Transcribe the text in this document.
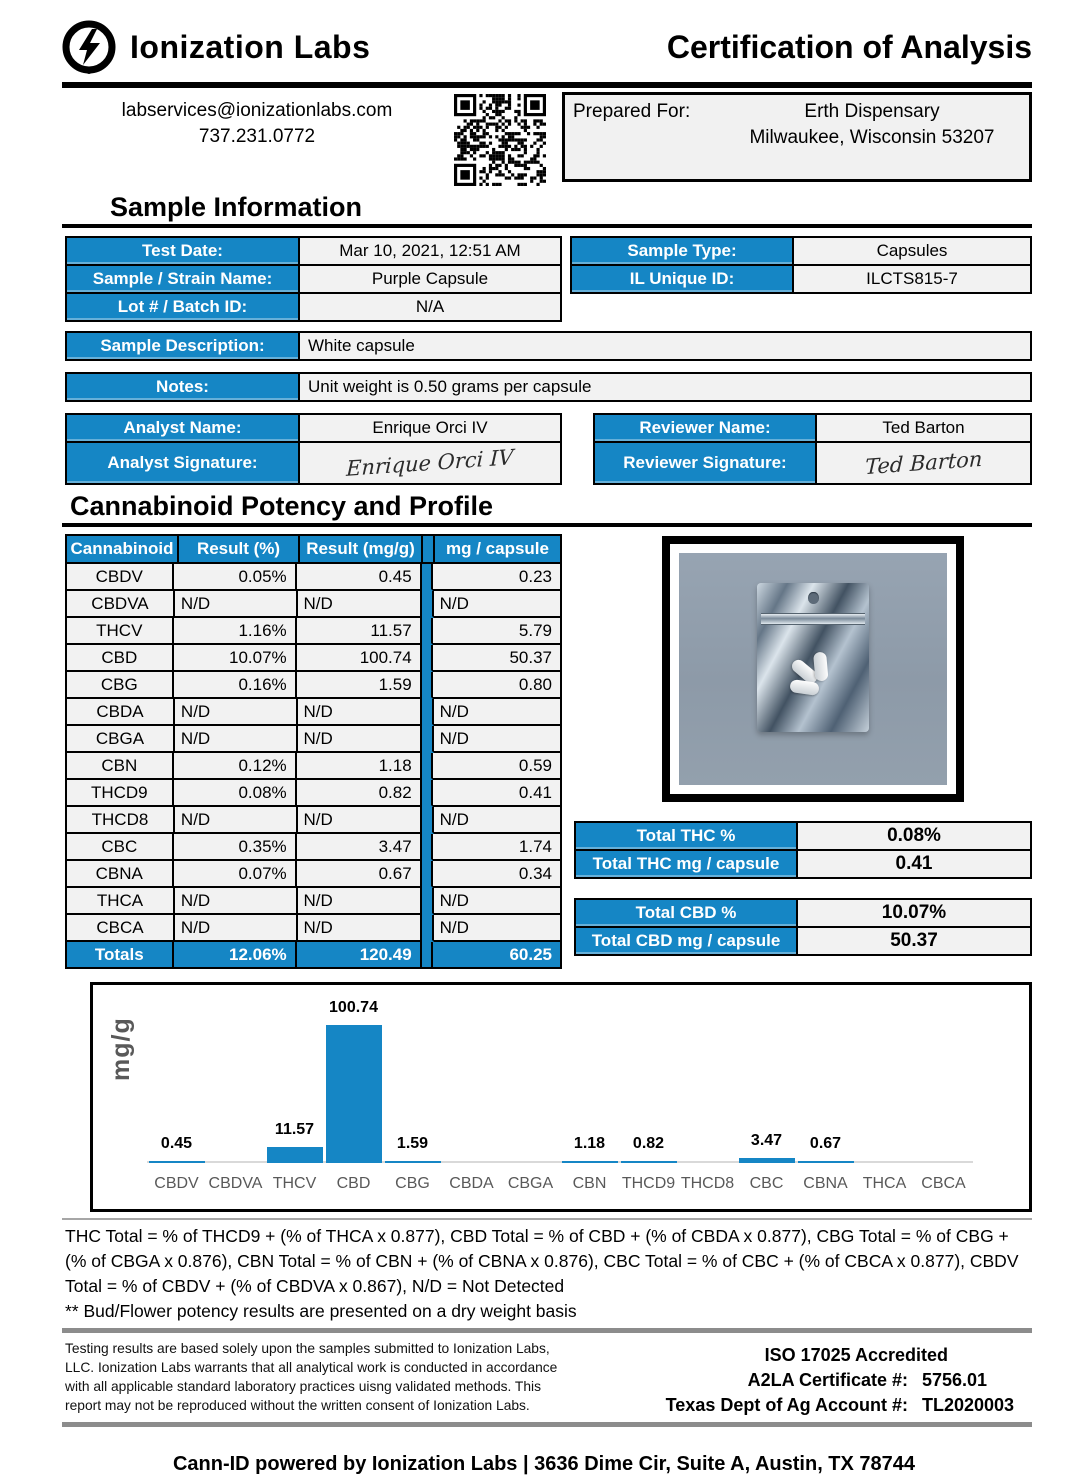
Ionization Labs	Certification of Analysis
labservices@ionizationlabs.com
737.231.0772
Prepared For:	Erth Dispensary
Milwaukee, Wisconsin 53207
Sample Information
Test Date:	Mar 10, 2021, 12:51 AM
Sample / Strain Name:	Purple Capsule
Lot # / Batch ID:	N/A
Sample Type:	Capsules
IL Unique ID:	ILCTS815-7
Sample Description:	White capsule
Notes:	Unit weight is 0.50 grams per capsule
Analyst Name:	Enrique Orci IV
Analyst Signature:	Enrique Orci IV
Reviewer Name:	Ted Barton
Reviewer Signature:	Ted Barton
Cannabinoid Potency and Profile
Cannabinoid	Result (%)	Result (mg/g)	mg / capsule
CBDV	0.05%	0.45	0.23
CBDVA	N/D	N/D	N/D
THCV	1.16%	11.57	5.79
CBD	10.07%	100.74	50.37
CBG	0.16%	1.59	0.80
CBDA	N/D	N/D	N/D
CBGA	N/D	N/D	N/D
CBN	0.12%	1.18	0.59
THCD9	0.08%	0.82	0.41
THCD8	N/D	N/D	N/D
CBC	0.35%	3.47	1.74
CBNA	0.07%	0.67	0.34
THCA	N/D	N/D	N/D
CBCA	N/D	N/D	N/D
Totals	12.06%	120.49	60.25
Total THC %	0.08%
Total THC mg / capsule	0.41
Total CBD %	10.07%
Total CBD mg / capsule	50.37
mg/g
0.45
CBDV CBDVA
11.57
THCV
100.74
CBD
1.59
CBG	CBDA CBGA
1.18
CBN
0.82
THCD9 THCD8
3.47
CBC
0.67
CBNA THCA CBCA
THC Total = % of THCD9 + (% of THCA x 0.877), CBD Total = % of CBD + (% of CBDA x 0.877), CBG Total = % of CBG + (% of CBGA x 0.876), CBN Total = % of CBN + (% of CBNA x 0.876), CBC Total = % of CBC + (% of CBCA x 0.877), CBDV Total = % of CBDV + (% of CBDVA x 0.867), N/D = Not Detected
** Bud/Flower potency results are presented on a dry weight basis
Testing results are based solely upon the samples submitted to Ionization Labs, LLC. Ionization Labs warrants that all analytical work is conducted in accordance with all applicable standard laboratory practices uisng validated methods. This report may not be reproduced without the written consent of Ionization Labs.
ISO 17025 Accredited
A2LA Certificate #: 5756.01
Texas Dept of Ag Account #: TL2020003
Cann-ID powered by Ionization Labs | 3636 Dime Cir, Suite A, Austin, TX 78744
